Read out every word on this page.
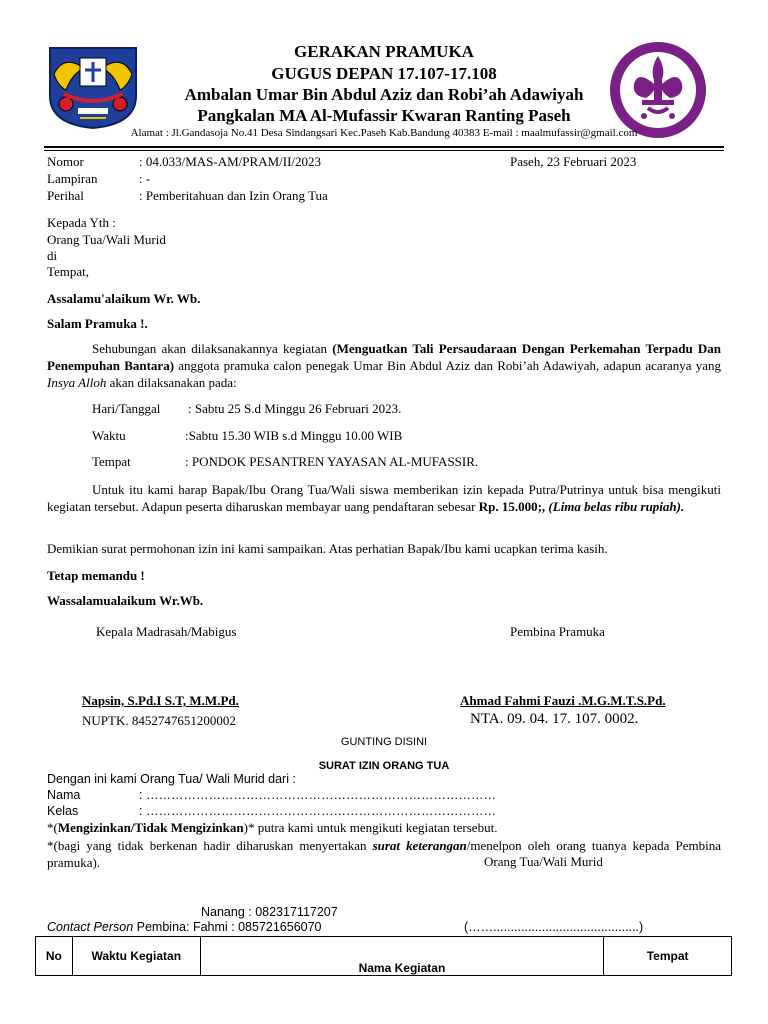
GERAKAN PRAMUKA
GUGUS DEPAN 17.107-17.108
Ambalan Umar Bin Abdul Aziz dan Robi’ah Adawiyah
Pangkalan MA Al-Mufassir Kwaran Ranting Paseh
Alamat : Jl.Gandasoja No.41 Desa Sindangsari Kec.Paseh Kab.Bandung 40383 E-mail : maalmufassir@gmail.com
Nomor	: 04.033/MAS-AM/PRAM/II/2023	Paseh, 23 Februari 2023
Lampiran	: -
Perihal	: Pemberitahuan dan Izin Orang Tua
Kepada Yth :
Orang Tua/Wali Murid
di
Tempat,
Assalamu'alaikum Wr. Wb.
Salam Pramuka !.
Sehubungan akan dilaksanakannya kegiatan (Menguatkan Tali Persaudaraan Dengan Perkemahan Terpadu Dan Penempuhan Bantara) anggota pramuka calon penegak Umar Bin Abdul Aziz dan Robi’ah Adawiyah, adapun acaranya yang Insya Alloh akan dilaksanakan pada:
Hari/Tanggal : Sabtu 25 S.d Minggu 26 Februari 2023.
Waktu	:Sabtu 15.30 WIB s.d Minggu 10.00 WIB
Tempat	: PONDOK PESANTREN YAYASAN AL-MUFASSIR.
Untuk itu kami harap Bapak/Ibu Orang Tua/Wali siswa memberikan izin kepada Putra/Putrinya untuk bisa mengikuti kegiatan tersebut. Adapun peserta diharuskan membayar uang pendaftaran sebesar Rp. 15.000;, (Lima belas ribu rupiah).
Demikian surat permohonan izin ini kami sampaikan. Atas perhatian Bapak/Ibu kami ucapkan terima kasih.
Tetap memandu !
Wassalamualaikum Wr.Wb.
Kepala Madrasah/Mabigus	Pembina Pramuka
Napsin, S.Pd.I S.T, M.M.Pd.	Ahmad Fahmi Fauzi .M.G.M.T.S.Pd.
NUPTK. 8452747651200002	NTA. 09. 04. 17. 107. 0002.
GUNTING DISINI
SURAT IZIN ORANG TUA
Dengan ini kami Orang Tua/ Wali Murid dari :
Nama	: …………………………………………………………………………
Kelas	: …………………………………………………………………………
*(Mengizinkan/Tidak Mengizinkan)* putra kami untuk mengikuti kegiatan tersebut.
*(bagi yang tidak berkenan hadir diharuskan menyertakan surat keterangan/menelpon oleh orang tuanya kepada Pembina pramuka).	Orang Tua/Wali Murid
Nanang : 082317117207
Contact Person Pembina: Fahmi : 085721656070	(……..........................................)
No	Waktu Kegiatan	Nama Kegiatan	Tempat
